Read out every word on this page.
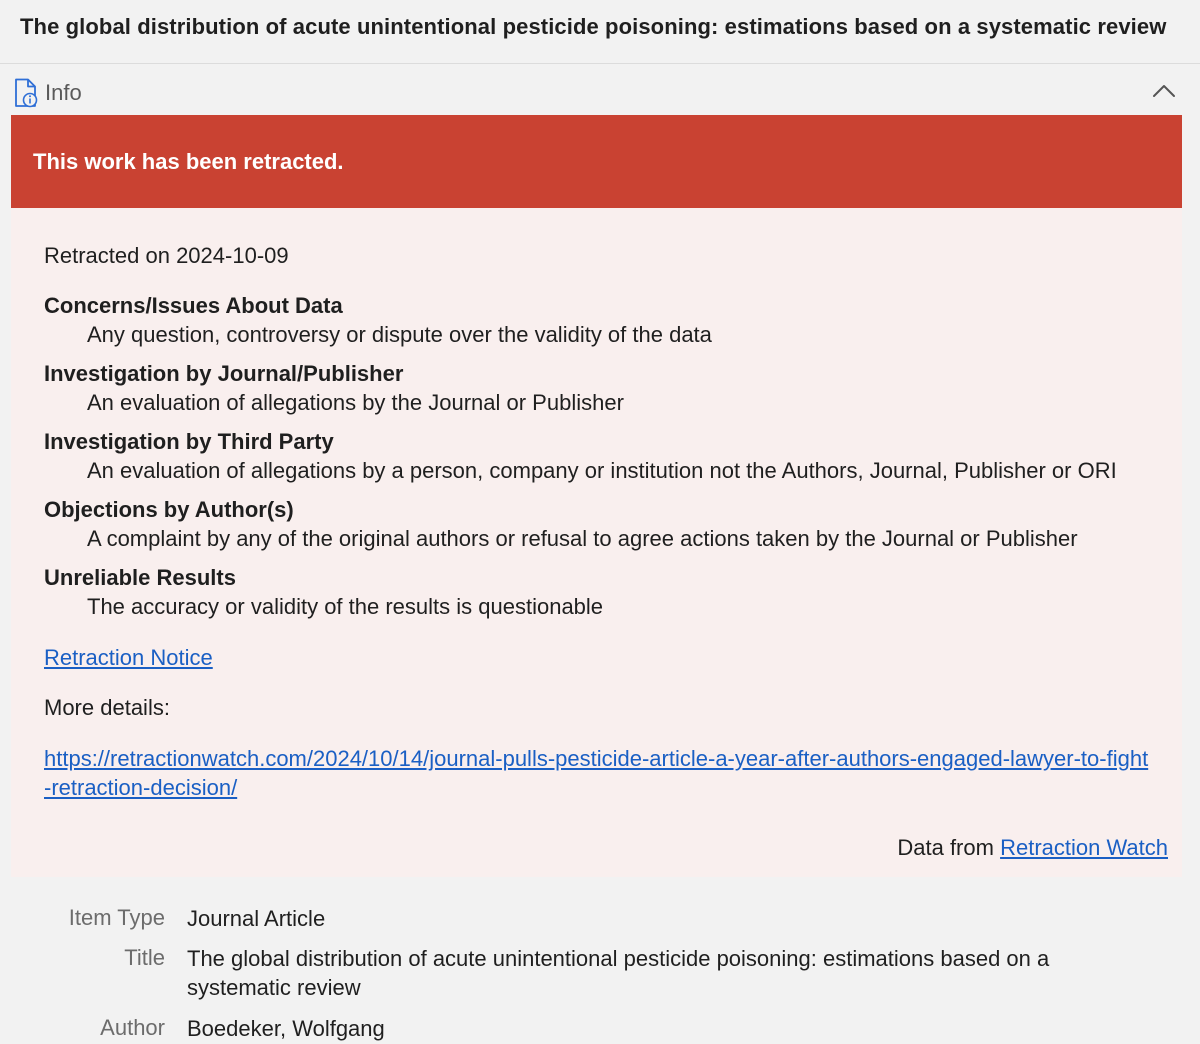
The global distribution of acute unintentional pesticide poisoning: estimations based on a systematic review
Info
This work has been retracted.
Retracted on 2024-10-09
Concerns/Issues About Data
Any question, controversy or dispute over the validity of the data
Investigation by Journal/Publisher
An evaluation of allegations by the Journal or Publisher
Investigation by Third Party
An evaluation of allegations by a person, company or institution not the Authors, Journal, Publisher or ORI
Objections by Author(s)
A complaint by any of the original authors or refusal to agree actions taken by the Journal or Publisher
Unreliable Results
The accuracy or validity of the results is questionable
Retraction Notice
More details:
https://retractionwatch.com/2024/10/14/journal-pulls-pesticide-article-a-year-after-authors-engaged-lawyer-to-fight-retraction-decision/
Data from Retraction Watch
Item Type Journal Article
Title The global distribution of acute unintentional pesticide poisoning: estimations based on a systematic review
Author Boedeker, Wolfgang
